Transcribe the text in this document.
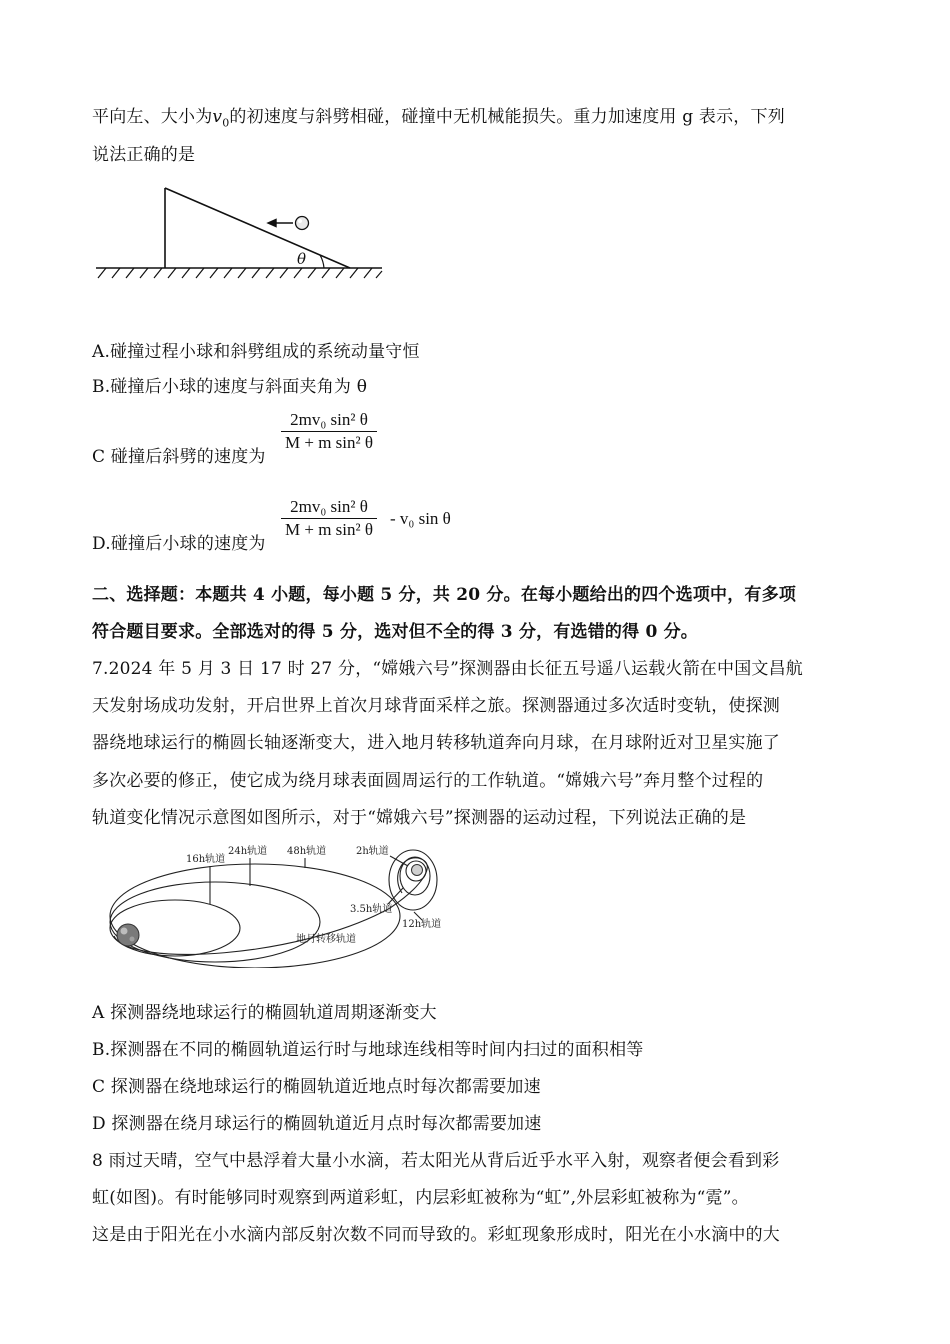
平向左、大小为$v_0$的初速度与斜劈相碰，碰撞中无机械能损失。重力加速度用 g 表示，下列
说法正确的是
θ
A.碰撞过程小球和斜劈组成的系统动量守恒
B.碰撞后小球的速度与斜面夹角为 θ
C 碰撞后斜劈的速度为
$\frac{\text{2mv₀ sin² θ}}{\text{M + m sin² θ}}$
D.碰撞后小球的速度为
$\frac{\text{2mv₀ sin² θ}}{\text{M + m sin² θ}} - v_0$ sin θ
二、选择题：本题共 4 小题，每小题 5 分，共 20 分。在每小题给出的四个选项中，有多项
符合题目要求。全部选对的得 5 分，选对但不全的得 3 分，有选错的得 0 分。
7.2024 年 5 月 3 日 17 时 27 分，“嫦娥六号”探测器由长征五号遥八运载火箭在中国文昌航
天发射场成功发射，开启世界上首次月球背面采样之旅。探测器通过多次适时变轨，使探测
器绕地球运行的椭圆长轴逐渐变大，进入地月转移轨道奔向月球，在月球附近对卫星实施了
多次必要的修正，使它成为绕月球表面圆周运行的工作轨道。“嫦娥六号”奔月整个过程的
轨道变化情况示意图如图所示，对于“嫦娥六号”探测器的运动过程，下列说法正确的是
16h轨道
24h轨道 48h轨道	2h轨道
3.5h轨道
12h轨道
地月转移轨道
A 探测器绕地球运行的椭圆轨道周期逐渐变大
B.探测器在不同的椭圆轨道运行时与地球连线相等时间内扫过的面积相等
C 探测器在绕地球运行的椭圆轨道近地点时每次都需要加速
D 探测器在绕月球运行的椭圆轨道近月点时每次都需要加速
8 雨过天晴，空气中悬浮着大量小水滴，若太阳光从背后近乎水平入射，观察者便会看到彩
虹(如图)。有时能够同时观察到两道彩虹，内层彩虹被称为“虹”,外层彩虹被称为“霓”。
这是由于阳光在小水滴内部反射次数不同而导致的。彩虹现象形成时，阳光在小水滴中的大
